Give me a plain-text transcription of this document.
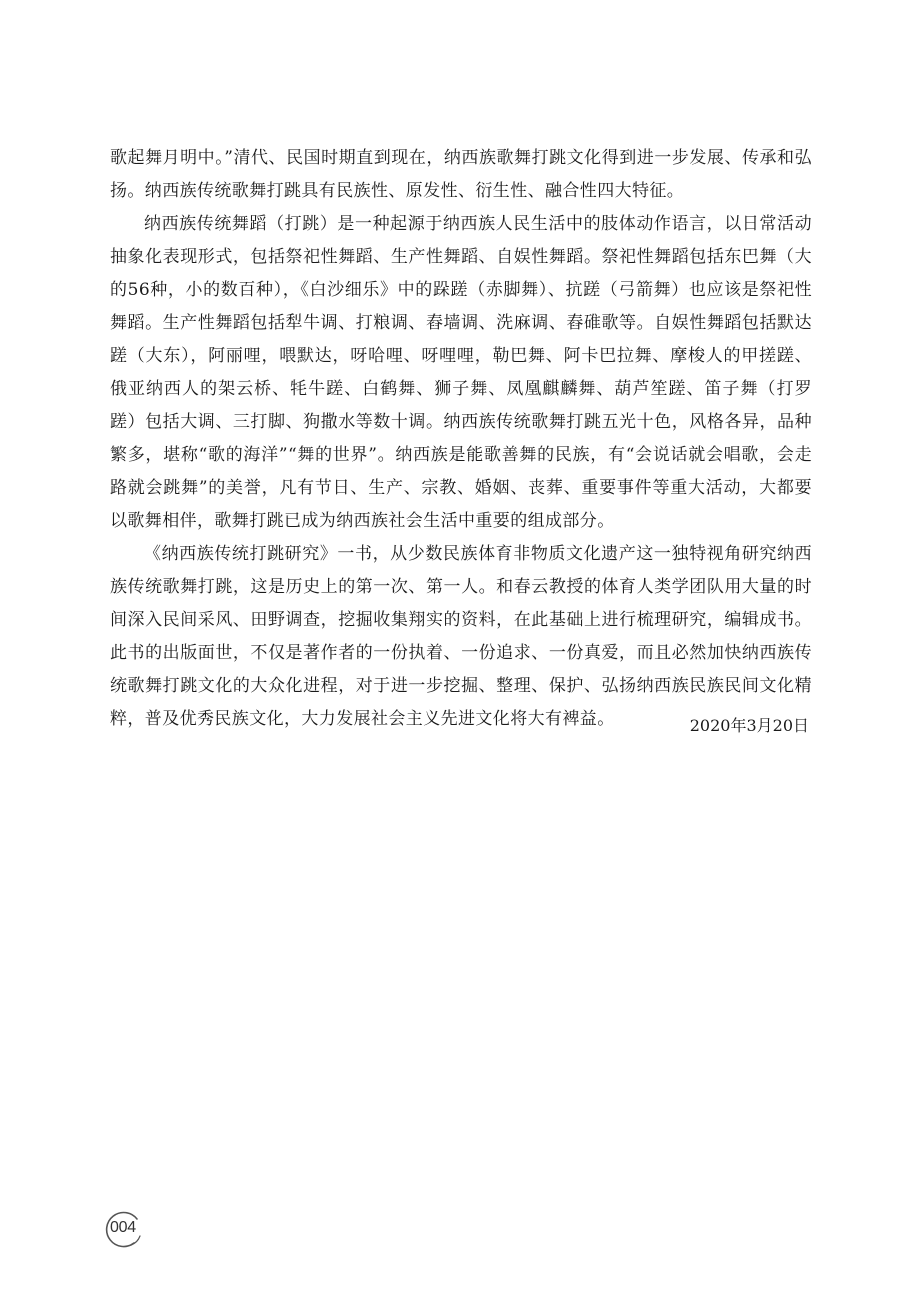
歌起舞月明中。”清代、民国时期直到现在，纳西族歌舞打跳文化得到进一步发展、传承和弘扬。纳西族传统歌舞打跳具有民族性、原发性、衍生性、融合性四大特征。

纳西族传统舞蹈（打跳）是一种起源于纳西族人民生活中的肢体动作语言，以日常活动抽象化表现形式，包括祭祀性舞蹈、生产性舞蹈、自娱性舞蹈。祭祀性舞蹈包括东巴舞（大的56种，小的数百种），《白沙细乐》中的跺蹉（赤脚舞）、抗蹉（弓箭舞）也应该是祭祀性舞蹈。生产性舞蹈包括犁牛调、打粮调、舂墙调、洗麻调、舂碓歌等。自娱性舞蹈包括默达蹉（大东），阿丽哩，喂默达，呀哈哩、呀哩哩，勒巴舞、阿卡巴拉舞、摩梭人的甲搓蹉、俄亚纳西人的架云桥、牦牛蹉、白鹤舞、狮子舞、凤凰麒麟舞、葫芦笙蹉、笛子舞（打罗蹉）包括大调、三打脚、狗撒水等数十调。纳西族传统歌舞打跳五光十色，风格各异，品种繁多，堪称“歌的海洋”“舞的世界”。纳西族是能歌善舞的民族，有“会说话就会唱歌，会走路就会跳舞”的美誉，凡有节日、生产、宗教、婚姻、丧葬、重要事件等重大活动，大都要以歌舞相伴，歌舞打跳已成为纳西族社会生活中重要的组成部分。

《纳西族传统打跳研究》一书，从少数民族体育非物质文化遗产这一独特视角研究纳西族传统歌舞打跳，这是历史上的第一次、第一人。和春云教授的体育人类学团队用大量的时间深入民间采风、田野调查，挖掘收集翔实的资料，在此基础上进行梳理研究，编辑成书。此书的出版面世，不仅是著作者的一份执着、一份追求、一份真爱，而且必然加快纳西族传统歌舞打跳文化的大众化进程，对于进一步挖掘、整理、保护、弘扬纳西族民族民间文化精粹，普及优秀民族文化，大力发展社会主义先进文化将大有裨益。	2020年3月20日
004
